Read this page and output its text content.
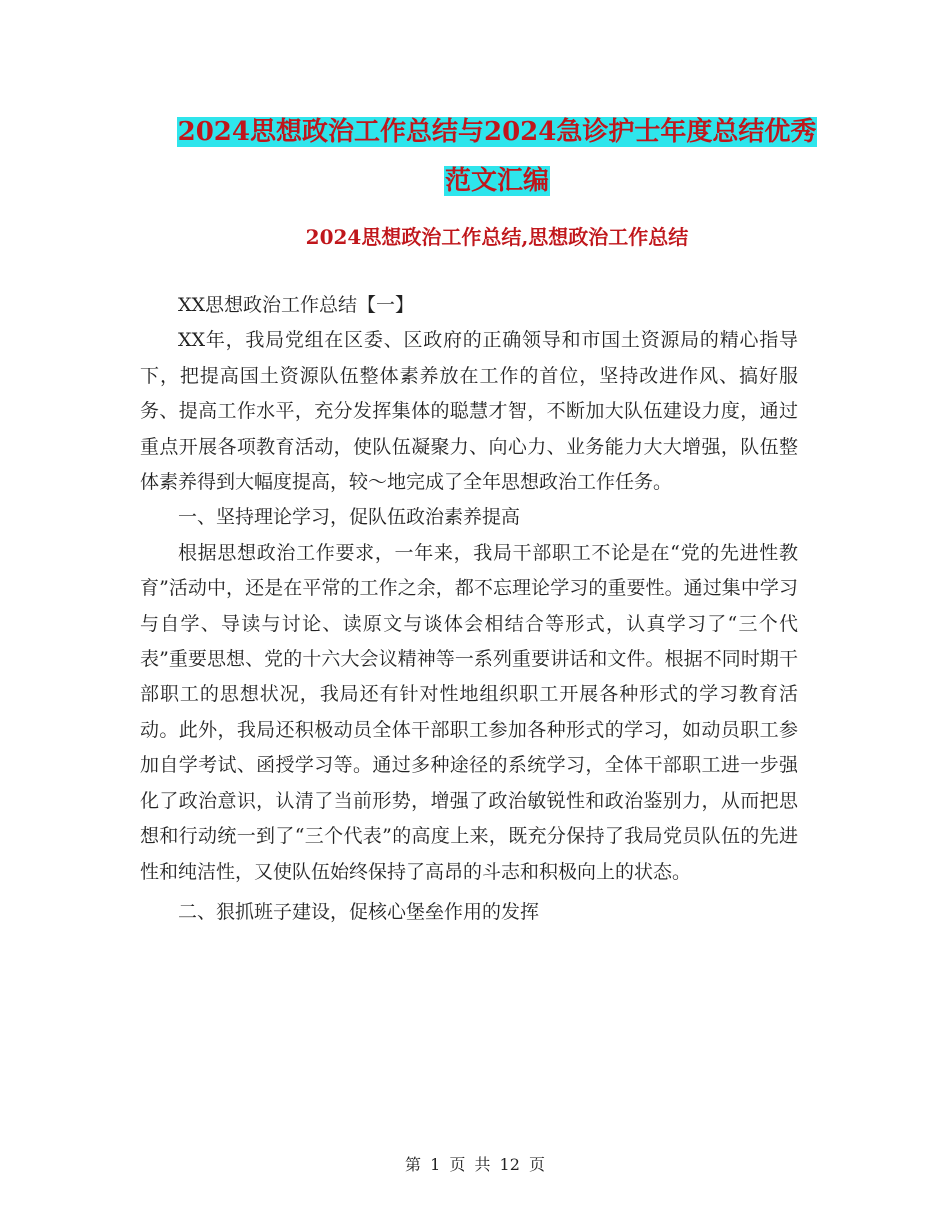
2024思想政治工作总结与2024急诊护士年度总结优秀
范文汇编
2024思想政治工作总结,思想政治工作总结

XX思想政治工作总结【一】

XX年，我局党组在区委、区政府的正确领导和市国土资源局的精心指导下，把提高国土资源队伍整体素养放在工作的首位，坚持改进作风、搞好服务、提高工作水平，充分发挥集体的聪慧才智，不断加大队伍建设力度，通过重点开展各项教育活动，使队伍凝聚力、向心力、业务能力大大增强，队伍整体素养得到大幅度提高，较～地完成了全年思想政治工作任务。

一、坚持理论学习，促队伍政治素养提高

根据思想政治工作要求，一年来，我局干部职工不论是在“党的先进性教育”活动中，还是在平常的工作之余，都不忘理论学习的重要性。通过集中学习与自学、导读与讨论、读原文与谈体会相结合等形式，认真学习了“三个代表”重要思想、党的十六大会议精神等一系列重要讲话和文件。根据不同时期干部职工的思想状况，我局还有针对性地组织职工开展各种形式的学习教育活动。此外，我局还积极动员全体干部职工参加各种形式的学习，如动员职工参加自学考试、函授学习等。通过多种途径的系统学习，全体干部职工进一步强化了政治意识，认清了当前形势，增强了政治敏锐性和政治鉴别力，从而把思想和行动统一到了“三个代表”的高度上来，既充分保持了我局党员队伍的先进性和纯洁性，又使队伍始终保持了高昂的斗志和积极向上的状态。

二、狠抓班子建设，促核心堡垒作用的发挥

第 1 页 共 12 页
